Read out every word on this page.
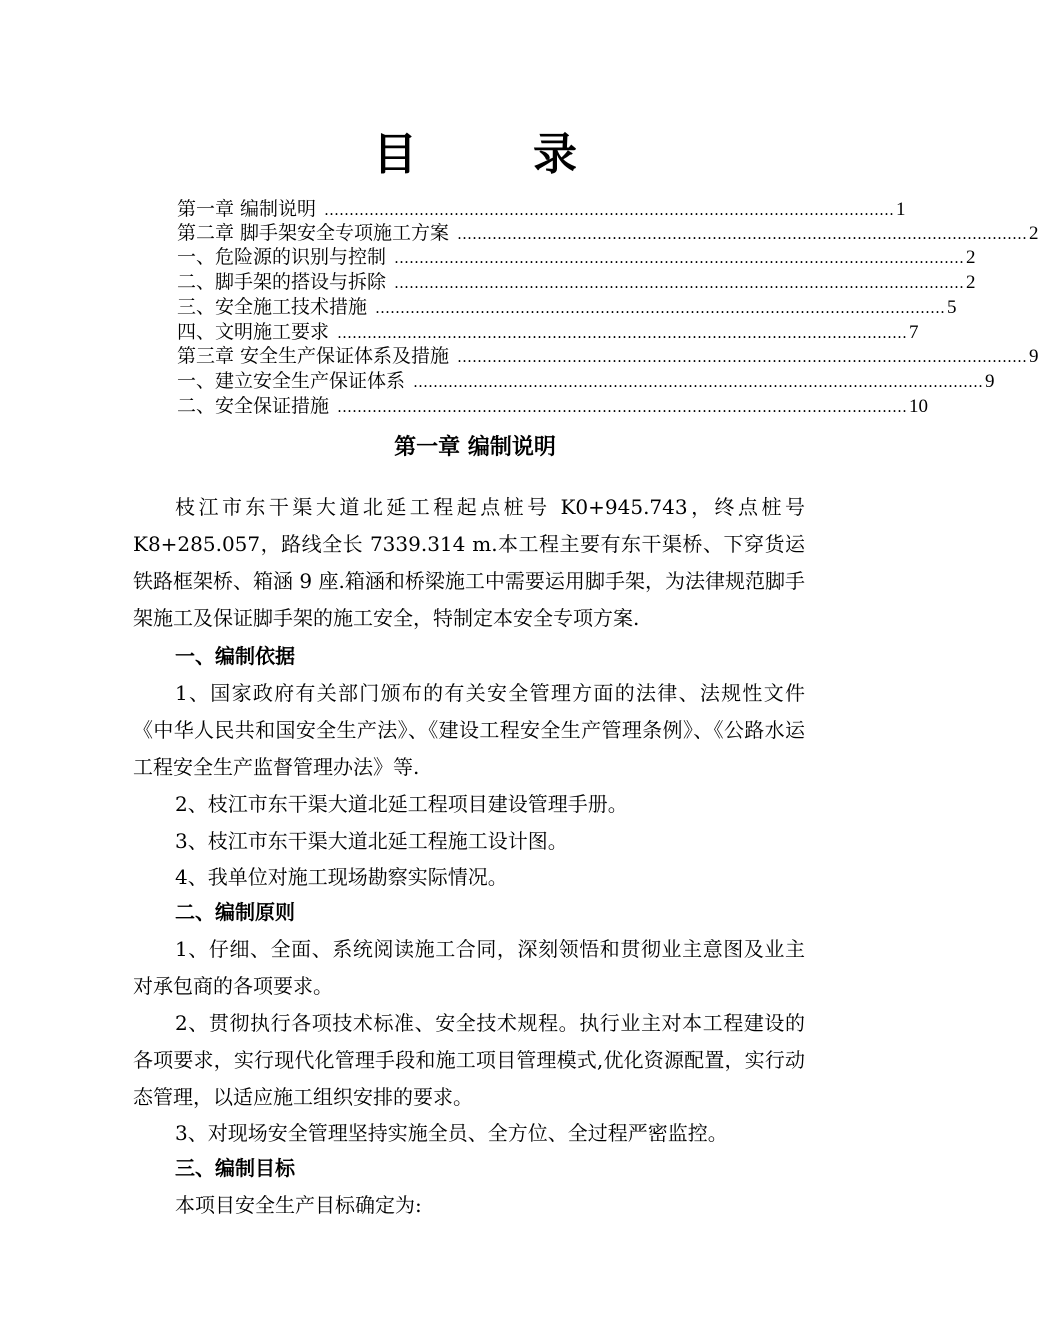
目　录
第一章 编制说明 …………………………………………………………………………………………………… 1
第二章 脚手架安全专项施工方案 …………………………………………………………………………………………………… 2
一、危险源的识别与控制 …………………………………………………………………………………………………… 2
二、脚手架的搭设与拆除 …………………………………………………………………………………………………… 2
三、安全施工技术措施 …………………………………………………………………………………………………… 5
四、文明施工要求 …………………………………………………………………………………………………… 7
第三章 安全生产保证体系及措施 …………………………………………………………………………………………………… 9
一、建立安全生产保证体系 …………………………………………………………………………………………………… 9
二、安全保证措施 …………………………………………………………………………………………………… 10
第一章 编制说明
枝江市东干渠大道北延工程起点桩号 K0+945.743，终点桩号 K8+285.057，路线全长 7339.314 m.本工程主要有东干渠桥、下穿货运铁路框架桥、箱涵 9 座.箱涵和桥梁施工中需要运用脚手架，为法律规范脚手架施工及保证脚手架的施工安全，特制定本安全专项方案.
一、编制依据
1、国家政府有关部门颁布的有关安全管理方面的法律、法规性文件《中华人民共和国安全生产法》、《建设工程安全生产管理条例》、《公路水运工程安全生产监督管理办法》等.
2、枝江市东干渠大道北延工程项目建设管理手册。
3、枝江市东干渠大道北延工程施工设计图。
4、我单位对施工现场勘察实际情况。
二、编制原则
1、仔细、全面、系统阅读施工合同，深刻领悟和贯彻业主意图及业主对承包商的各项要求。
2、贯彻执行各项技术标准、安全技术规程。执行业主对本工程建设的各项要求，实行现代化管理手段和施工项目管理模式,优化资源配置，实行动态管理，以适应施工组织安排的要求。
3、对现场安全管理坚持实施全员、全方位、全过程严密监控。
三、编制目标
本项目安全生产目标确定为:
